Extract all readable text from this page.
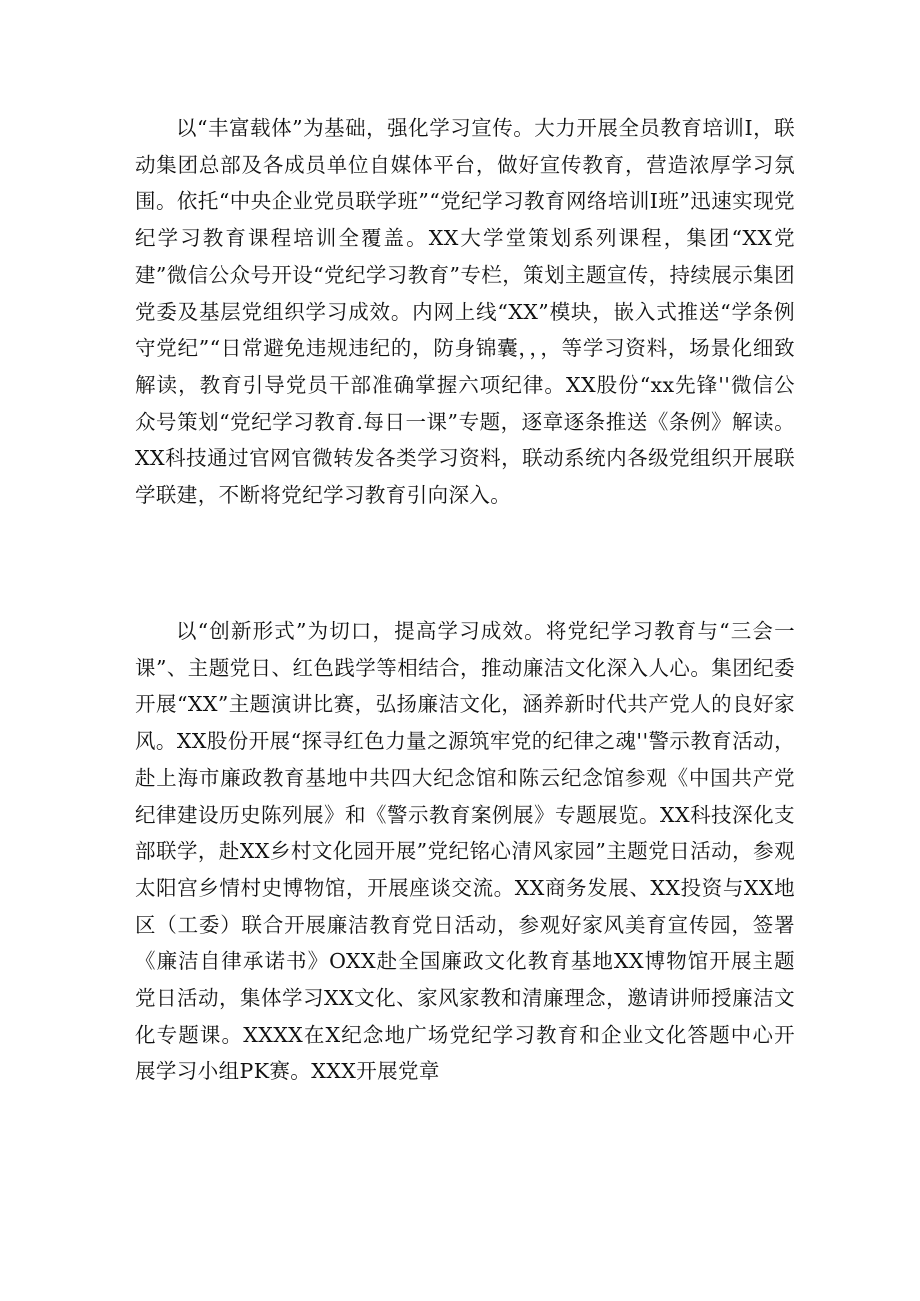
以“丰富载体”为基础，强化学习宣传。大力开展全员教育培训I，联动集团总部及各成员单位自媒体平台，做好宣传教育，营造浓厚学习氛围。依托“中央企业党员联学班”“党纪学习教育网络培训I班”迅速实现党纪学习教育课程培训全覆盖。XX大学堂策划系列课程，集团“XX党建”微信公众号开设“党纪学习教育”专栏，策划主题宣传，持续展示集团党委及基层党组织学习成效。内网上线“XX”模块，嵌入式推送“学条例守党纪”“日常避免违规违纪的，防身锦囊，，，等学习资料，场景化细致解读，教育引导党员干部准确掌握六项纪律。XX股份“xx先锋''微信公众号策划“党纪学习教育.每日一课”专题，逐章逐条推送《条例》解读。XX科技通过官网官微转发各类学习资料，联动系统内各级党组织开展联学联建，不断将党纪学习教育引向深入。

以“创新形式”为切口，提高学习成效。将党纪学习教育与“三会一课”、主题党日、红色践学等相结合，推动廉洁文化深入人心。集团纪委开展“XX”主题演讲比赛，弘扬廉洁文化，涵养新时代共产党人的良好家风。XX股份开展“探寻红色力量之源筑牢党的纪律之魂''警示教育活动，赴上海市廉政教育基地中共四大纪念馆和陈云纪念馆参观《中国共产党纪律建设历史陈列展》和《警示教育案例展》专题展览。XX科技深化支部联学，赴XX乡村文化园开展”党纪铭心清风家园”主题党日活动，参观太阳宫乡情村史博物馆，开展座谈交流。XX商务发展、XX投资与XX地区（工委）联合开展廉洁教育党日活动，参观好家风美育宣传园，签署《廉洁自律承诺书》OXX赴全国廉政文化教育基地XX博物馆开展主题党日活动，集体学习XX文化、家风家教和清廉理念，邀请讲师授廉洁文化专题课。XXXX在X纪念地广场党纪学习教育和企业文化答题中心开展学习小组PK赛。XXX开展党章
